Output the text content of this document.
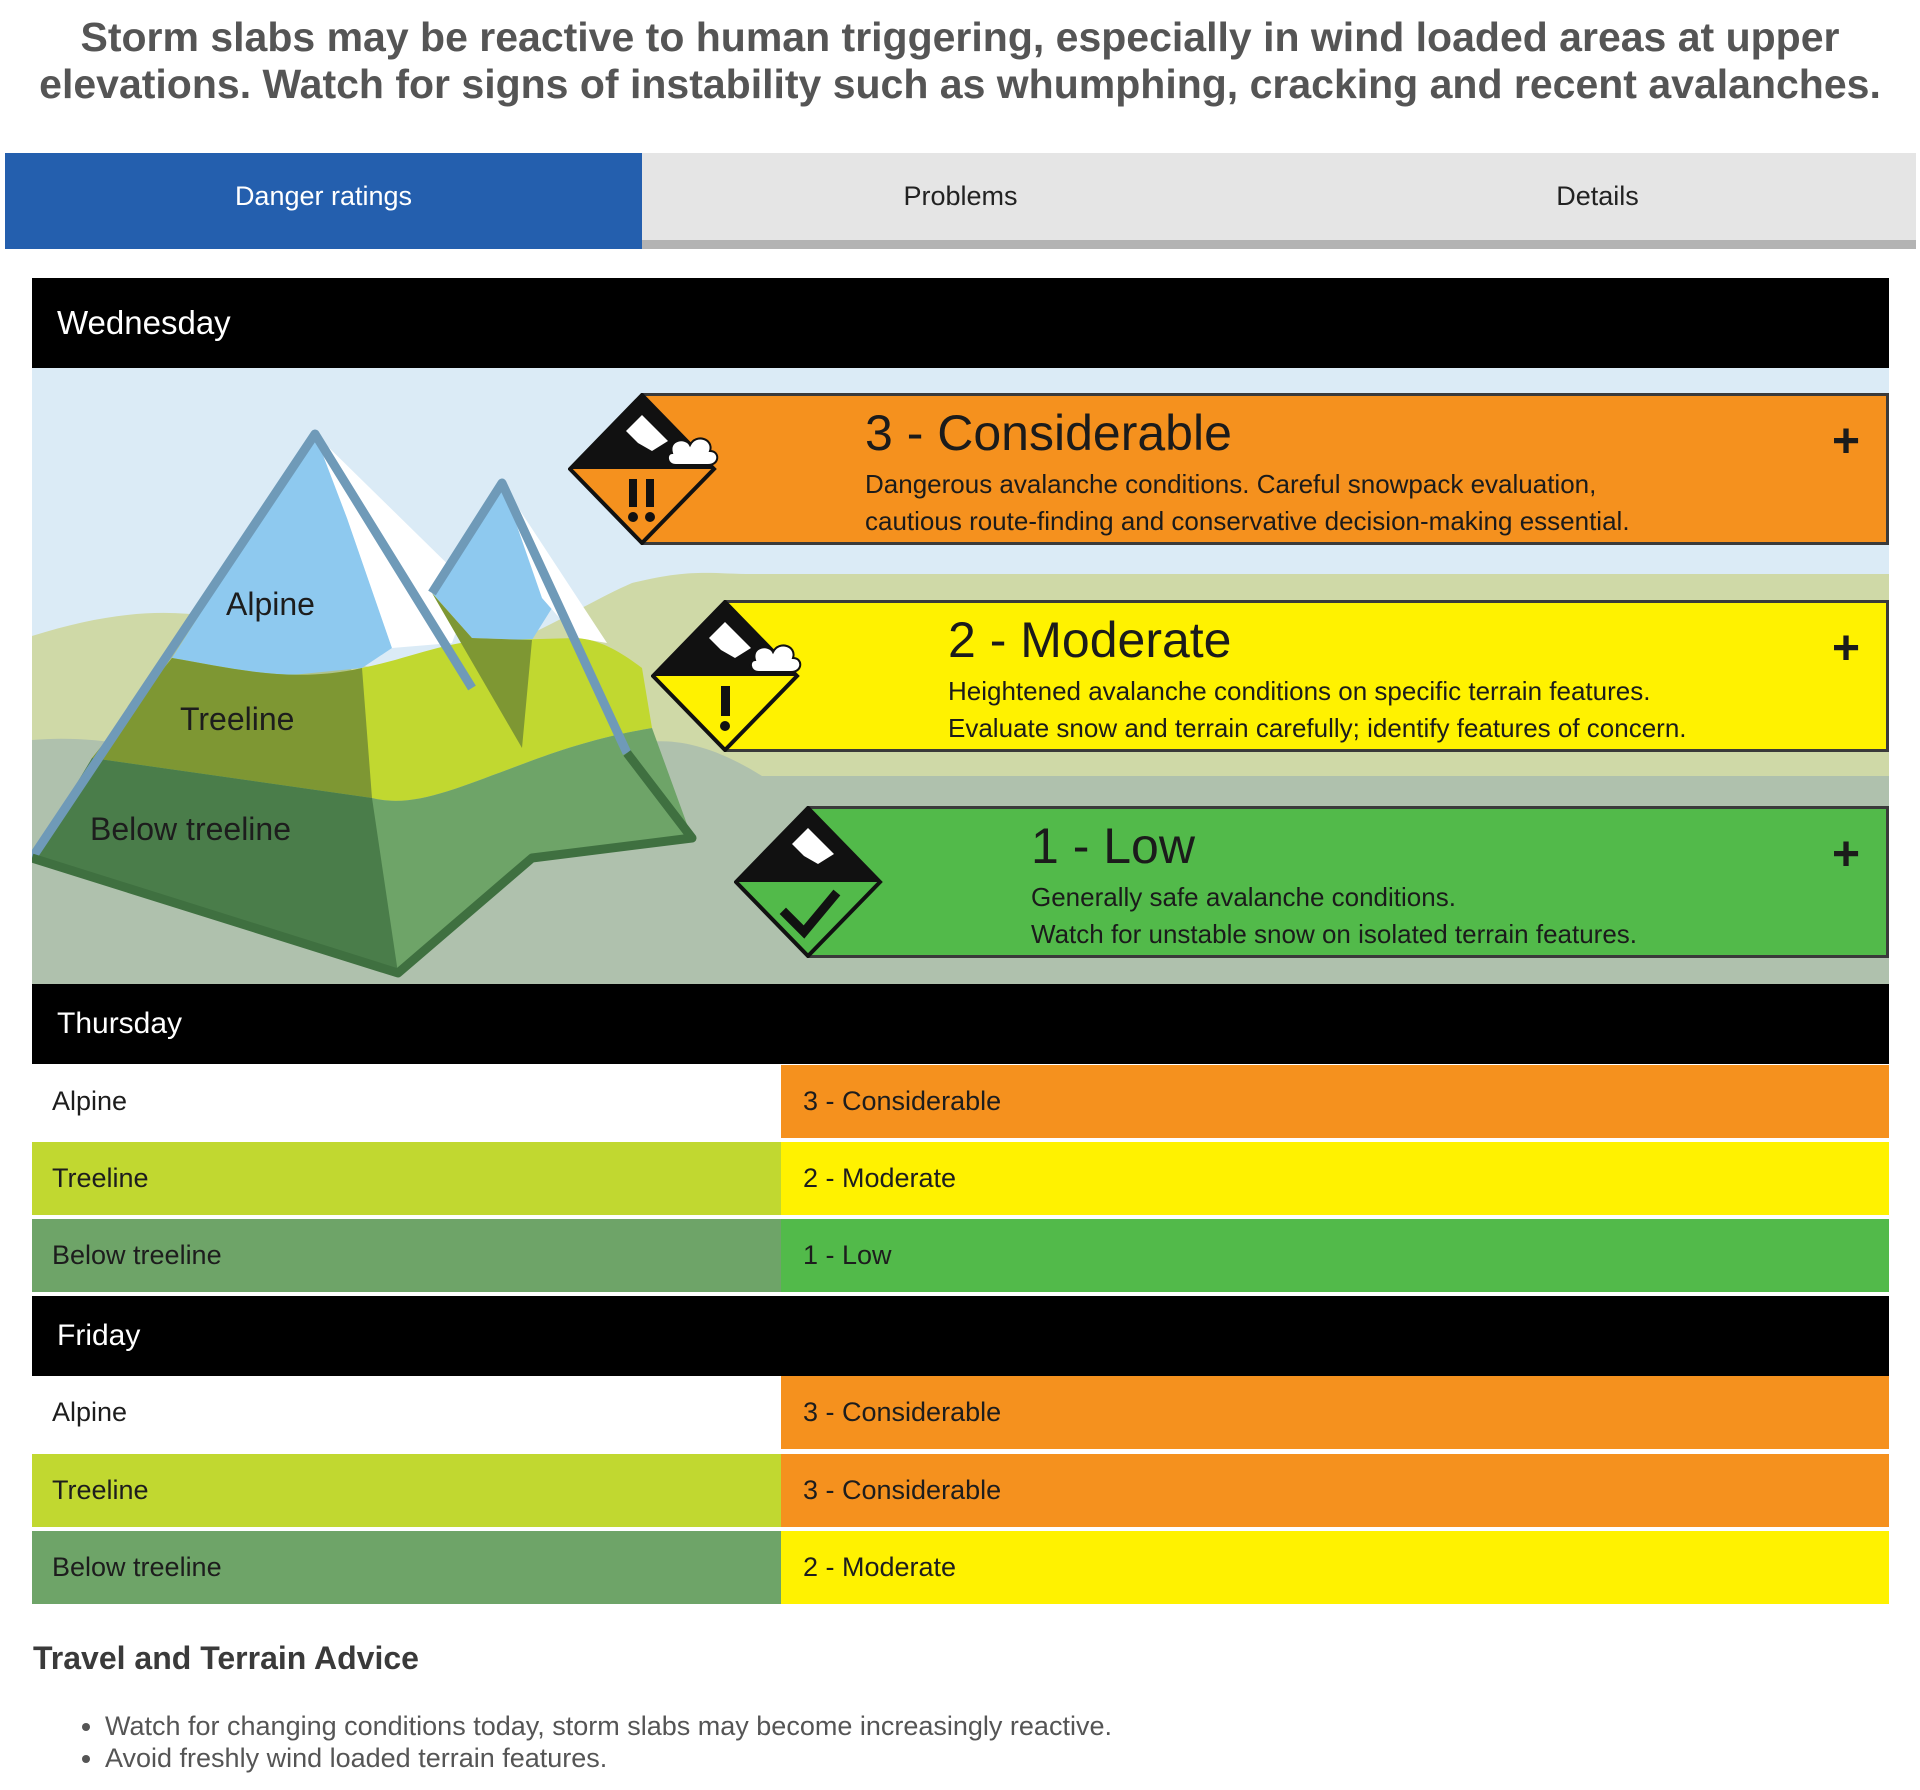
Storm slabs may be reactive to human triggering, especially in wind loaded areas at upper elevations. Watch for signs of instability such as whumphing, cracking and recent avalanches.
Danger ratings	Problems	Details
Wednesday
Alpine
Treeline
Below treeline
3 - Considerable
Dangerous avalanche conditions. Careful snowpack evaluation,
cautious route-finding and conservative decision-making essential.
+
2 - Moderate
Heightened avalanche conditions on specific terrain features.
Evaluate snow and terrain carefully; identify features of concern.
+
1 - Low
Generally safe avalanche conditions.
Watch for unstable snow on isolated terrain features.
+
Thursday
Alpine	3 - Considerable
Treeline	2 - Moderate
Below treeline	1 - Low
Friday
Alpine	3 - Considerable
Treeline	3 - Considerable
Below treeline	2 - Moderate
Travel and Terrain Advice
• Watch for changing conditions today, storm slabs may become increasingly reactive.
• Avoid freshly wind loaded terrain features.
